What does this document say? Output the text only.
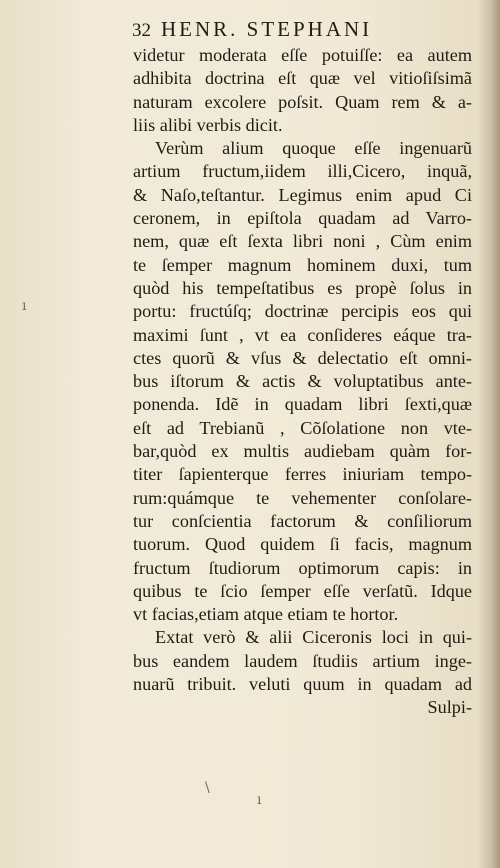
32 HENR. STEPHANI
videtur moderata eſſe potuiſſe: ea autem
adhibita doctrina eſt quæ vel vitioſiſsimã
naturam excolere poſsit. Quam rem & a-
liis alibi verbis dicit.
Verùm alium quoque eſſe ingenuarũ
artium fructum,iidem illi,Cicero, inquã,
& Naſo,teſtantur. Legimus enim apud Ci
ceronem, in epiſtola quadam ad Varro-
nem, quæ eſt ſexta libri noni , Cùm enim
te ſemper magnum hominem duxi, tum
quòd his tempeſtatibus es propè ſolus in
portu: fructúſq; doctrinæ percipis eos qui
maximi ſunt , vt ea conſideres eáque tra-
ctes quorũ & vſus & delectatio eſt omni-
bus iſtorum & actis & voluptatibus ante-
ponenda. Idẽ in quadam libri ſexti,quæ
eſt ad Trebianũ , Cõſolatione non vte-
bar,quòd ex multis audiebam quàm for-
titer ſapienterque ferres iniuriam tempo-
rum:quámque te vehementer conſolare-
tur conſcientia factorum & conſiliorum
tuorum. Quod quidem ſi facis, magnum
fructum ſtudiorum optimorum capis: in
quibus te ſcio ſemper eſſe verſatũ. Idque
vt facias,etiam atque etiam te hortor.
Extat verò & alii Ciceronis loci in qui-
bus eandem laudem ſtudiis artium inge-
nuarũ tribuit. veluti quum in quadam ad
Sulpi-
ı
\
ı
